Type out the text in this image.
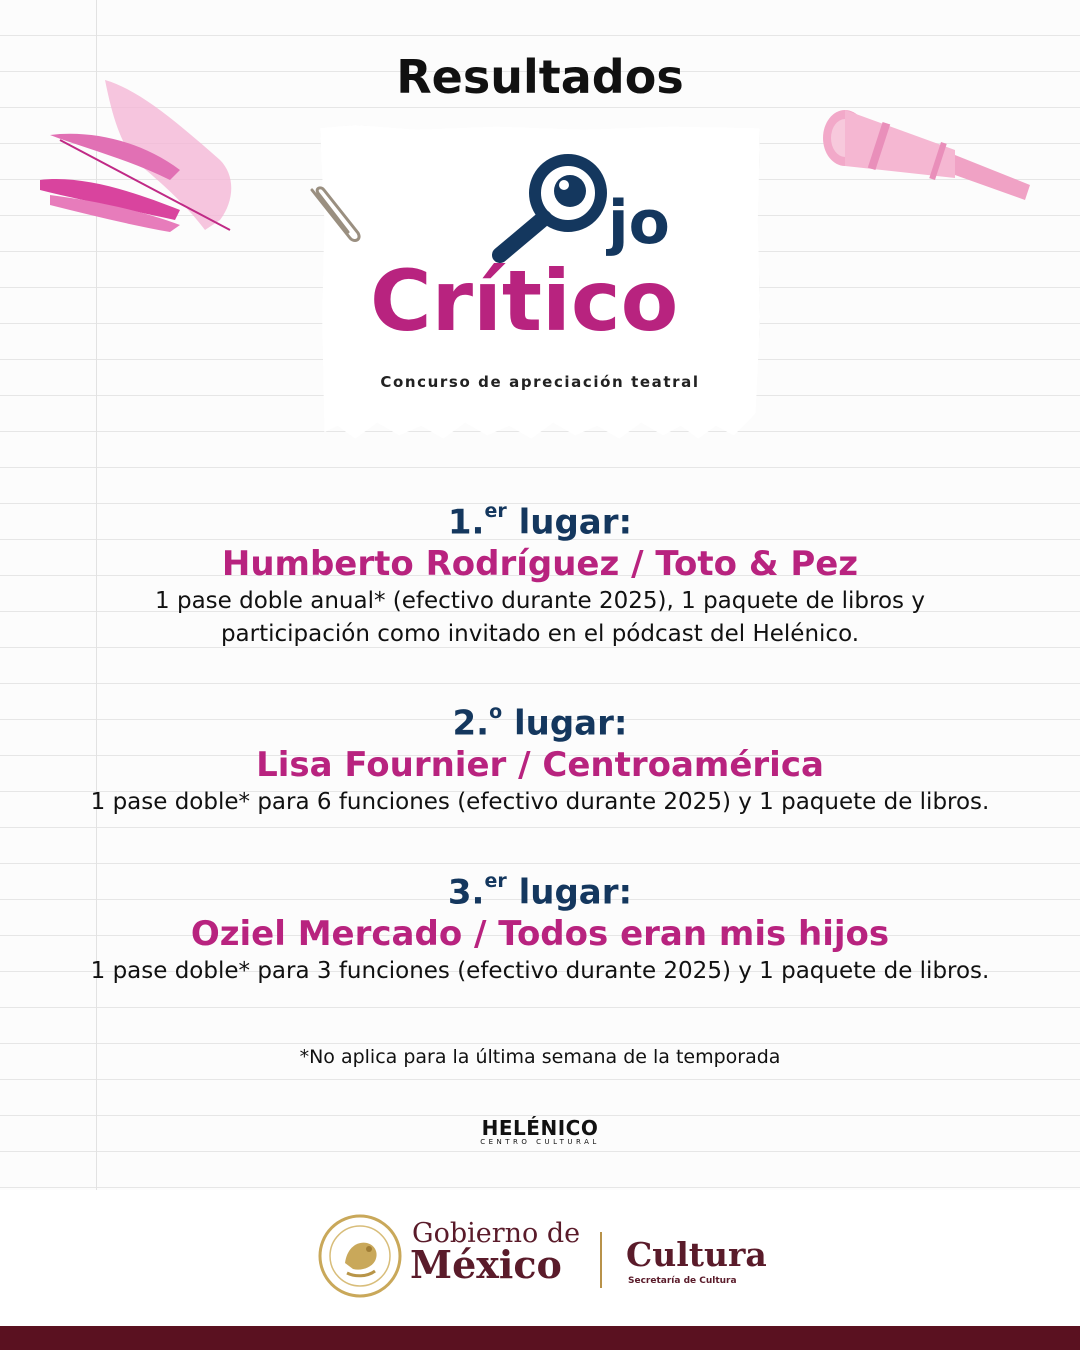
Resultados
jo
Crítico
Concurso de apreciación teatral
1.$^{er}$ lugar:
Humberto Rodríguez / Toto & Pez
1 pase doble anual* (efectivo durante 2025), 1 paquete de libros y
participación como invitado en el pódcast del Helénico.
2.$^o$ lugar:
Lisa Fournier / Centroamérica
1 pase doble* para 6 funciones (efectivo durante 2025) y 1 paquete de libros.
3.$^{er}$ lugar:
Oziel Mercado / Todos eran mis hijos
1 pase doble* para 3 funciones (efectivo durante 2025) y 1 paquete de libros.
*No aplica para la última semana de la temporada
HELÉNICO
CENTRO CULTURAL
Gobierno de
México Cultura
Secretaría de Cultura
